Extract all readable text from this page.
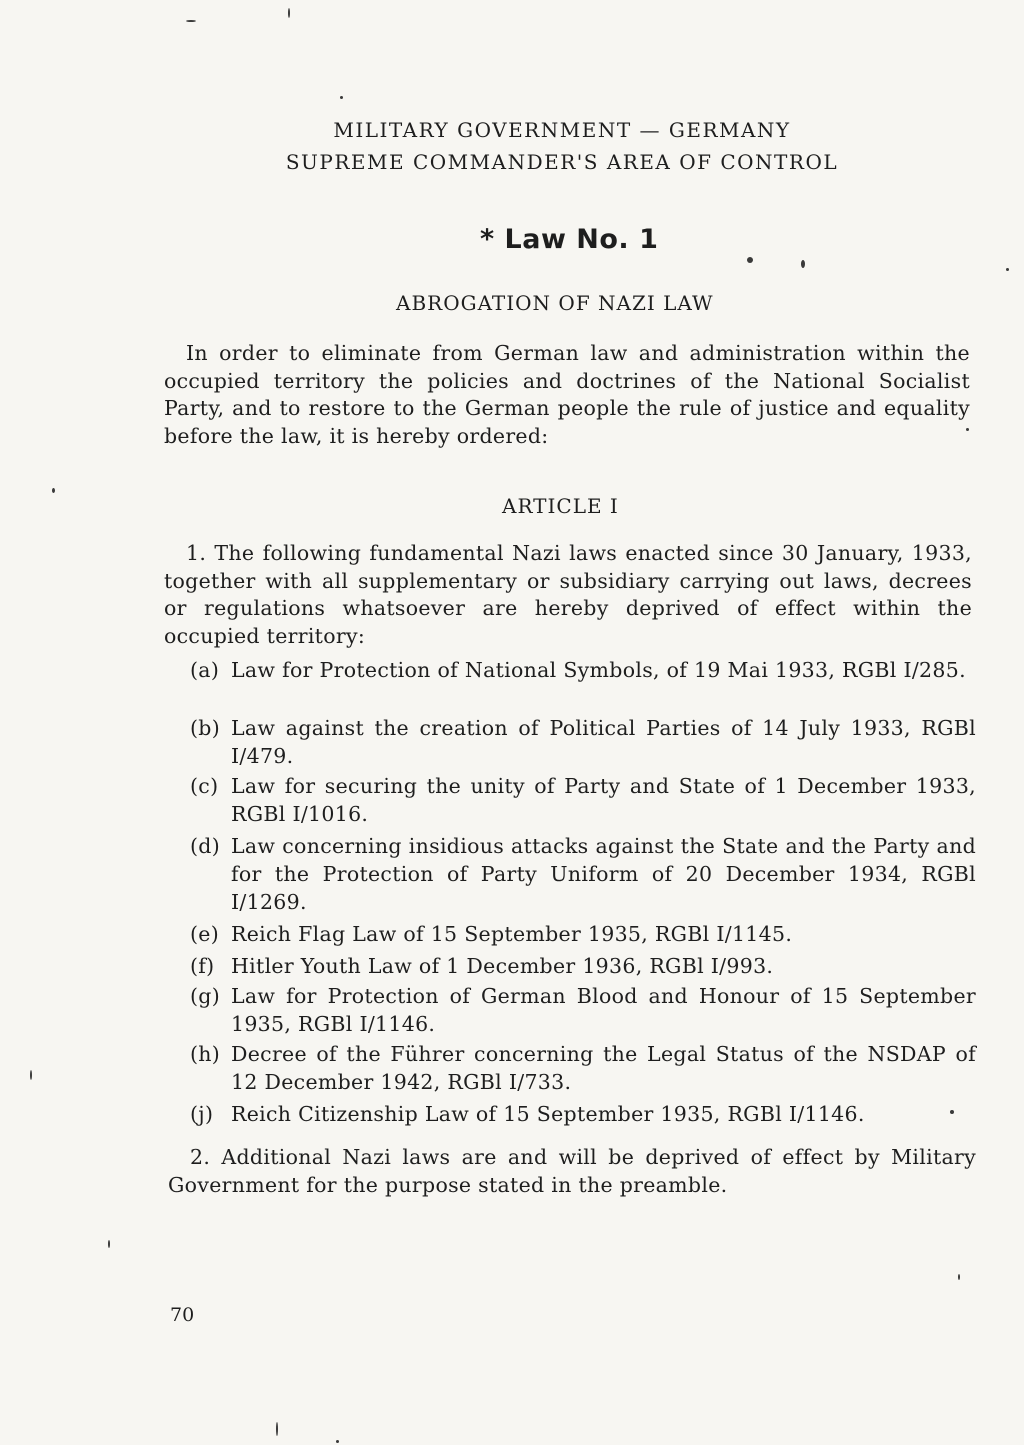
MILITARY GOVERNMENT — GERMANY
SUPREME COMMANDER'S AREA OF CONTROL
* Law No. 1
ABROGATION OF NAZI LAW
In order to eliminate from German law and administration within the occupied territory the policies and doctrines of the National Socialist Party, and to restore to the German people the rule of justice and equality before the law, it is hereby ordered:
ARTICLE I
1. The following fundamental Nazi laws enacted since 30 January, 1933, together with all supplementary or subsidiary carrying out laws, decrees or regulations whatsoever are hereby deprived of effect within the occupied territory:
(a) Law for Protection of National Symbols, of 19 Mai 1933, RGBl I/285.
(b) Law against the creation of Political Parties of 14 July 1933, RGBl I/479.
(c) Law for securing the unity of Party and State of 1 December 1933, RGBl I/1016.
(d) Law concerning insidious attacks against the State and the Party and for the Protection of Party Uniform of 20 December 1934, RGBl I/1269.
(e) Reich Flag Law of 15 September 1935, RGBl I/1145.
(f) Hitler Youth Law of 1 December 1936, RGBl I/993.
(g) Law for Protection of German Blood and Honour of 15 September 1935, RGBl I/1146.
(h) Decree of the Führer concerning the Legal Status of the NSDAP of 12 December 1942, RGBl I/733.
(j) Reich Citizenship Law of 15 September 1935, RGBl I/1146.
2. Additional Nazi laws are and will be deprived of effect by Military Government for the purpose stated in the preamble.
70
